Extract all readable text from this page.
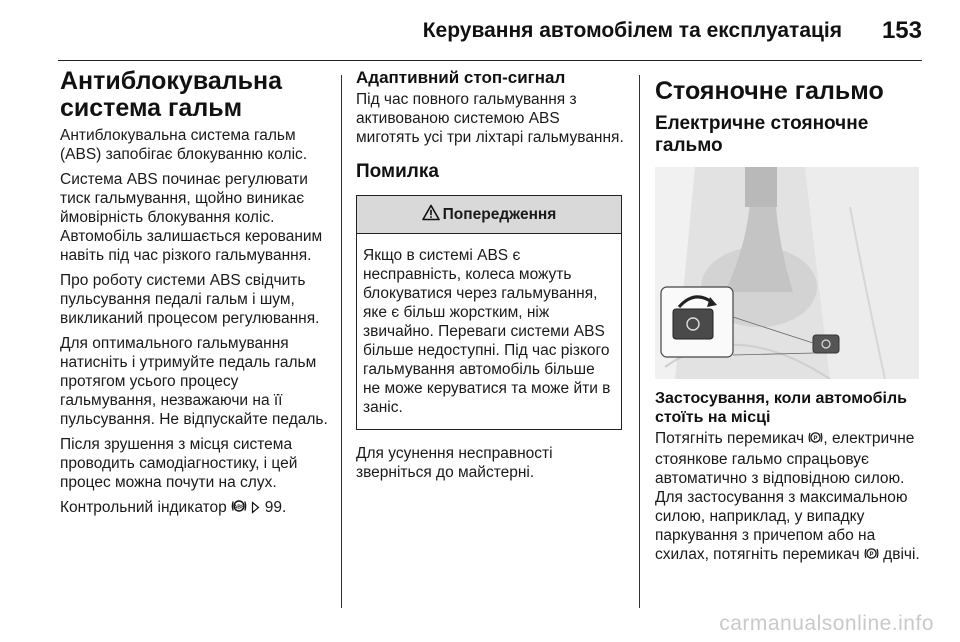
Керування автомобілем та експлуатація 153
Антиблокувальна система гальм

Антиблокувальна система гальм (ABS) запобігає блокуванню коліс.

Система ABS починає регулювати тиск гальмування, щойно виникає ймовірність блокування коліс. Автомобіль залишається керованим навіть під час різкого гальмування.

Про роботу системи ABS свідчить пульсування педалі гальм і шум, викликаний процесом регулювання.

Для оптимального гальмування натисніть і утримуйте педаль гальм протягом усього процесу гальмування, незважаючи на її пульсування. Не відпускайте педаль.

Після зрушення з місця система проводить самодіагностику, і цей процес можна почути на слух.

Контрольний індикатор ABS 99.

Адаптивний стоп-сигнал

Під час повного гальмування з активованою системою ABS миготять усі три ліхтарі гальмування.

Помилка
Попередження
Якщо в системі ABS є несправність, колеса можуть блокуватися через гальмування, яке є більш жорстким, ніж звичайно. Переваги системи ABS більше недоступні. Під час різкого гальмування автомобіль більше не може керуватися та може йти в заніс.

Для усунення несправності зверніться до майстерні.

Стояночне гальмо
Електричне стояночне гальмо
Застосування, коли автомобіль стоїть на місці

Потягніть перемикач P , електричне стоянкове гальмо спрацьовує автоматично з відповідною силою. Для застосування з максимальною силою, наприклад, у випадку паркування з причепом або на схилах, потягніть перемикач P двічі.

carmanualsonline.info
